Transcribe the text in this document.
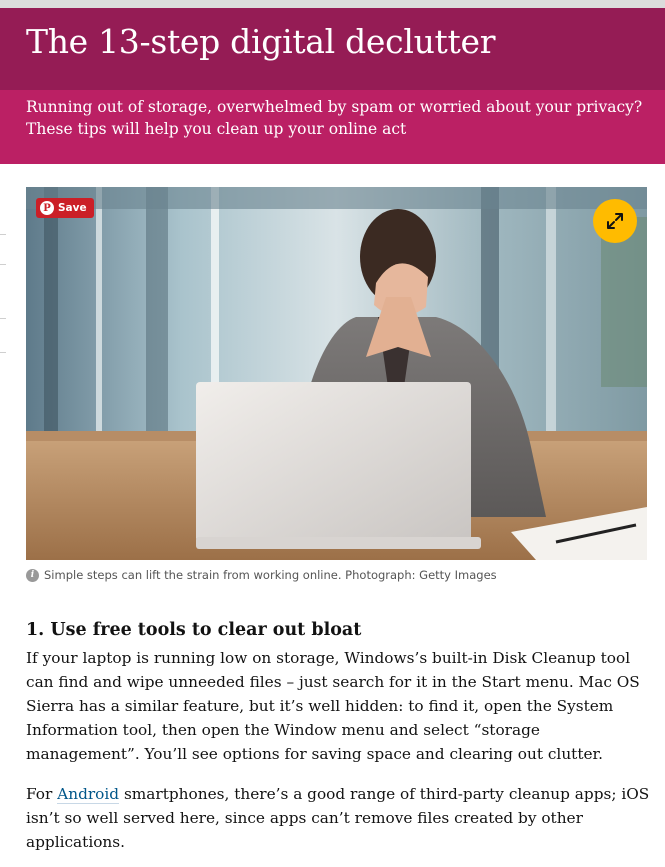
The 13-step digital declutter

Running out of storage, overwhelmed by spam or worried about your privacy? These tips will help you clean up your online act

P Save
i Simple steps can lift the strain from working online. Photograph: Getty Images
1. Use free tools to clear out bloat

If your laptop is running low on storage, Windows’s built-in Disk Cleanup tool can find and wipe unneeded files – just search for it in the Start menu. Mac OS Sierra has a similar feature, but it’s well hidden: to find it, open the System Information tool, then open the Window menu and select “storage management”. You’ll see options for saving space and clearing out clutter.

For Android smartphones, there’s a good range of third-party cleanup apps; iOS isn’t so well served here, since apps can’t remove files created by other applications.
